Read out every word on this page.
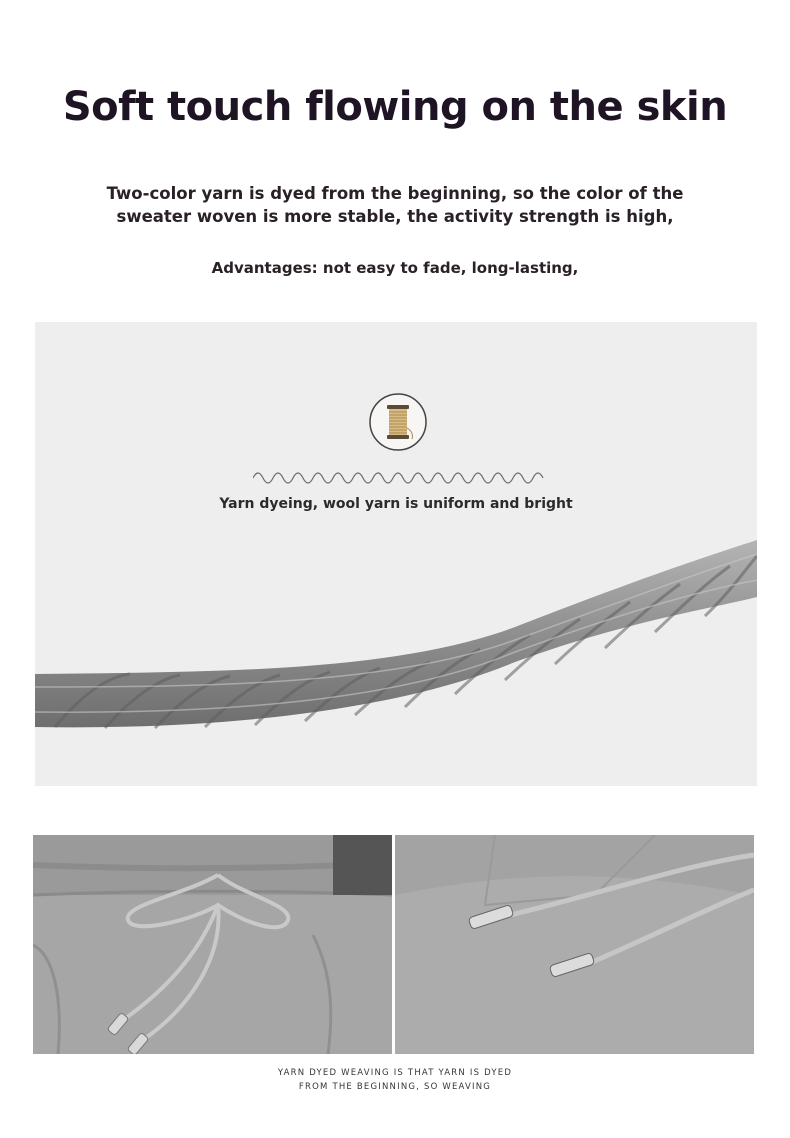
Soft touch flowing on the skin

Two-color yarn is dyed from the beginning, so the color of the
sweater woven is more stable, the activity strength is high,

Advantages: not easy to fade, long-lasting,

Yarn dyeing, wool yarn is uniform and bright

YARN DYED WEAVING IS THAT YARN IS DYED
FROM THE BEGINNING, SO WEAVING
